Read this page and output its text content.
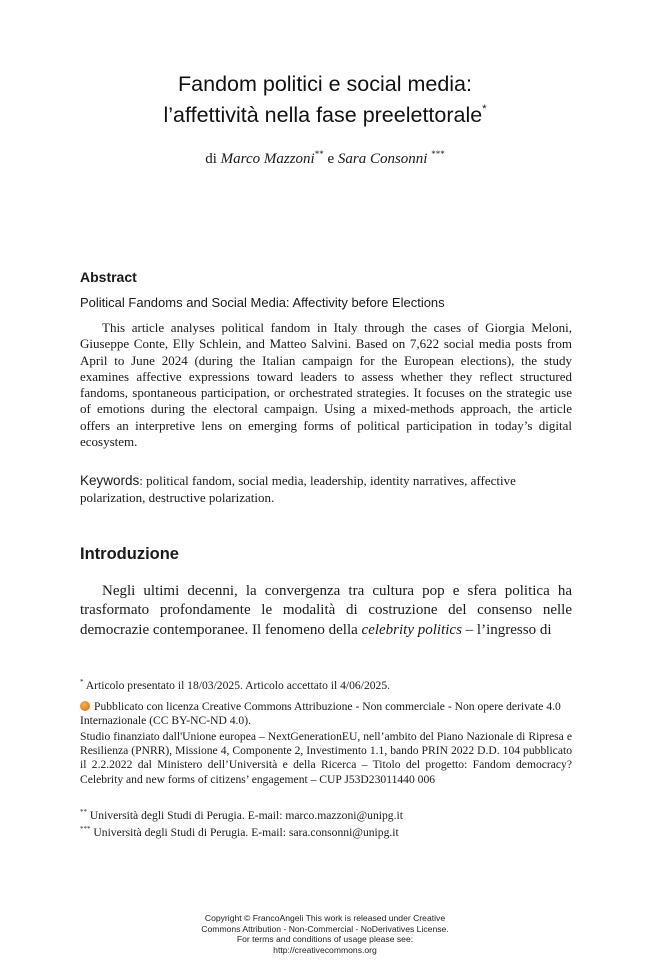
Fandom politici e social media:
l’affettività nella fase preelettorale*
di Marco Mazzoni** e Sara Consonni ***
Abstract
Political Fandoms and Social Media: Affectivity before Elections
This article analyses political fandom in Italy through the cases of Giorgia Meloni, Giuseppe Conte, Elly Schlein, and Matteo Salvini. Based on 7,622 social media posts from April to June 2024 (during the Italian campaign for the European elections), the study examines affective expressions toward leaders to assess whether they reflect structured fandoms, spontaneous participation, or orchestrated strategies. It focuses on the strategic use of emotions during the electoral campaign. Using a mixed-methods approach, the article offers an interpretive lens on emerging forms of political participation in today’s digital ecosystem.
Keywords: political fandom, social media, leadership, identity narratives, affective polarization, destructive polarization.
Introduzione
Negli ultimi decenni, la convergenza tra cultura pop e sfera politica ha trasformato profondamente le modalità di costruzione del consenso nelle democrazie contemporanee. Il fenomeno della celebrity politics – l’ingresso di
* Articolo presentato il 18/03/2025. Articolo accettato il 4/06/2025.
Pubblicato con licenza Creative Commons Attribuzione - Non commerciale - Non opere derivate 4.0 Internazionale (CC BY-NC-ND 4.0).
Studio finanziato dall'Unione europea – NextGenerationEU, nell’ambito del Piano Nazionale di Ripresa e Resilienza (PNRR), Missione 4, Componente 2, Investimento 1.1, bando PRIN 2022 D.D. 104 pubblicato il 2.2.2022 dal Ministero dell’Università e della Ricerca – Titolo del progetto: Fandom democracy? Celebrity and new forms of citizens’ engagement – CUP J53D23011440 006
** Università degli Studi di Perugia. E-mail: marco.mazzoni@unipg.it
*** Università degli Studi di Perugia. E-mail: sara.consonni@unipg.it
Copyright © FrancoAngeli This work is released under Creative
Commons Attribution - Non-Commercial - NoDerivatives License.
For terms and conditions of usage please see:
http://creativecommons.org
